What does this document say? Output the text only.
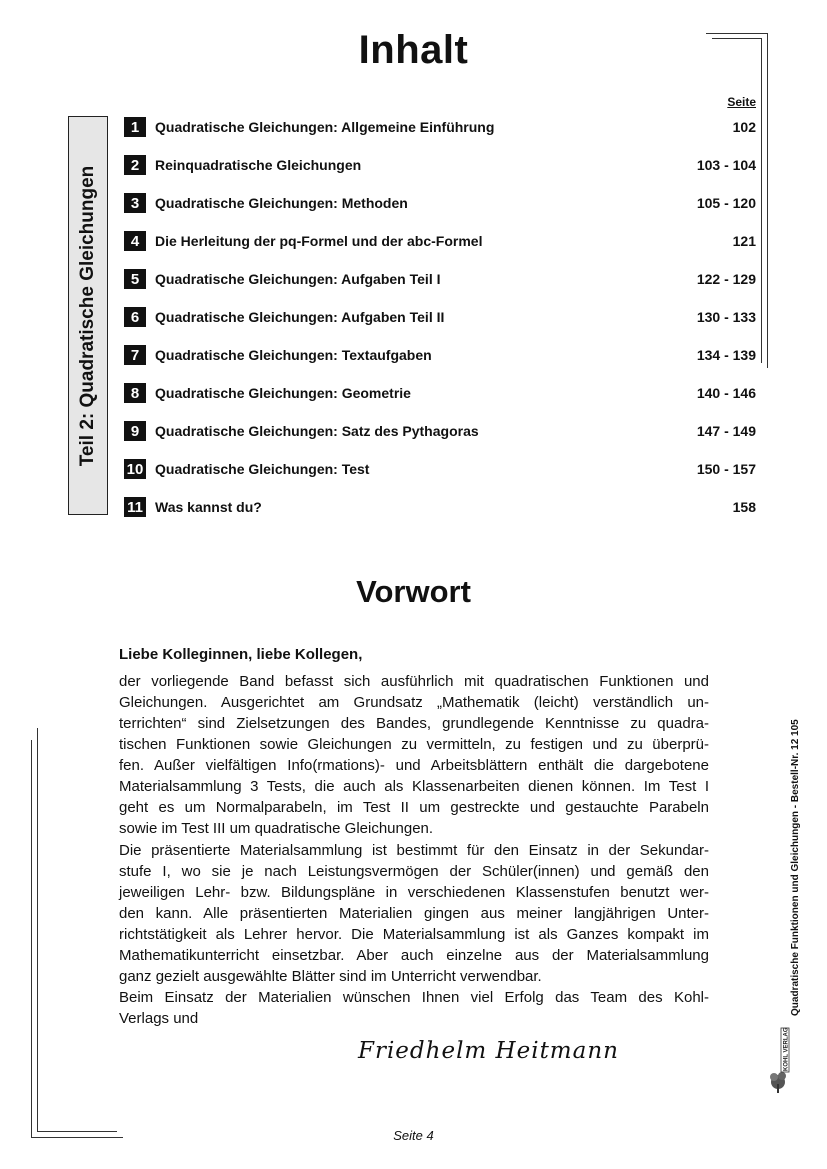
Inhalt
Teil 2: Quadratische Gleichungen
Seite
1	Quadratische Gleichungen: Allgemeine Einführung	102
2	Reinquadratische Gleichungen	103 - 104
3	Quadratische Gleichungen: Methoden	105 - 120
4	Die Herleitung der pq-Formel und der abc-Formel	121
5	Quadratische Gleichungen: Aufgaben Teil I	122 - 129
6	Quadratische Gleichungen: Aufgaben Teil II	130 - 133
7	Quadratische Gleichungen: Textaufgaben	134 - 139
8	Quadratische Gleichungen: Geometrie	140 - 146
9	Quadratische Gleichungen: Satz des Pythagoras	147 - 149
10 Quadratische Gleichungen: Test	150 - 157
11 Was kannst du?	158
Vorwort
Liebe Kolleginnen, liebe Kollegen,
der vorliegende Band befasst sich ausführlich mit quadratischen Funktionen und
Gleichungen. Ausgerichtet am Grundsatz „Mathematik (leicht) verständlich un-
terrichten“ sind Zielsetzungen des Bandes, grundlegende Kenntnisse zu quadra-
tischen Funktionen sowie Gleichungen zu vermitteln, zu festigen und zu überprü-
fen. Außer vielfältigen Info(rmations)- und Arbeitsblättern enthält die dargebotene
Materialsammlung 3 Tests, die auch als Klassenarbeiten dienen können. Im Test I
geht es um Normalparabeln, im Test II um gestreckte und gestauchte Parabeln
sowie im Test III um quadratische Gleichungen.
Die präsentierte Materialsammlung ist bestimmt für den Einsatz in der Sekundar-
stufe I, wo sie je nach Leistungsvermögen der Schüler(innen) und gemäß den
jeweiligen Lehr- bzw. Bildungspläne in verschiedenen Klassenstufen benutzt wer-
den kann. Alle präsentierten Materialien gingen aus meiner langjährigen Unter-
richtstätigkeit als Lehrer hervor. Die Materialsammlung ist als Ganzes kompakt im
Mathematikunterricht einsetzbar. Aber auch einzelne aus der Materialsammlung
ganz gezielt ausgewählte Blätter sind im Unterricht verwendbar.
Beim Einsatz der Materialien wünschen Ihnen viel Erfolg das Team des Kohl-
Verlags und
Friedhelm Heitmann	KOHL VERLAG
Quadratische Funktionen und Gleichungen - Bestell-Nr. 12 105
Seite 4
